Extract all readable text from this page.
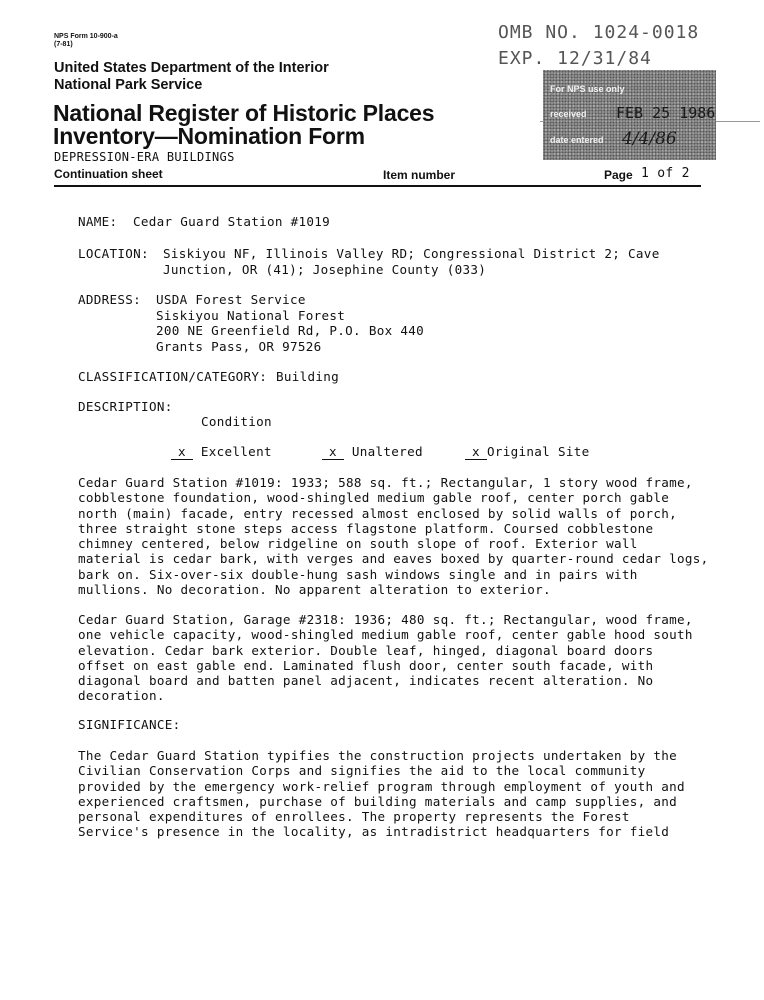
NPS Form 10-900-a
(7-81)
United States Department of the Interior
National Park Service
National Register of Historic Places
Inventory—Nomination Form
DEPRESSION-ERA BUILDINGS
Continuation sheet	Item number	Page 1 of 2
OMB NO. 1024-0018
EXP. 12/31/84
For NPS use only
received FEB 25 1986
date entered 4/4/86
NAME: Cedar Guard Station #1019
LOCATION: Siskiyou NF, Illinois Valley RD; Congressional District 2; Cave
Junction, OR (41); Josephine County (033)
ADDRESS: USDA Forest Service
Siskiyou National Forest
200 NE Greenfield Rd, P.O. Box 440
Grants Pass, OR 97526
CLASSIFICATION/CATEGORY: Building
DESCRIPTION:
Condition
x Excellent	x Unaltered	x Original Site
Cedar Guard Station #1019: 1933; 588 sq. ft.; Rectangular, 1 story wood frame,
cobblestone foundation, wood-shingled medium gable roof, center porch gable
north (main) facade, entry recessed almost enclosed by solid walls of porch,
three straight stone steps access flagstone platform. Coursed cobblestone
chimney centered, below ridgeline on south slope of roof. Exterior wall
material is cedar bark, with verges and eaves boxed by quarter-round cedar logs,
bark on. Six-over-six double-hung sash windows single and in pairs with
mullions. No decoration. No apparent alteration to exterior.
Cedar Guard Station, Garage #2318: 1936; 480 sq. ft.; Rectangular, wood frame,
one vehicle capacity, wood-shingled medium gable roof, center gable hood south
elevation. Cedar bark exterior. Double leaf, hinged, diagonal board doors
offset on east gable end. Laminated flush door, center south facade, with
diagonal board and batten panel adjacent, indicates recent alteration. No
decoration.
SIGNIFICANCE:
The Cedar Guard Station typifies the construction projects undertaken by the
Civilian Conservation Corps and signifies the aid to the local community
provided by the emergency work-relief program through employment of youth and
experienced craftsmen, purchase of building materials and camp supplies, and
personal expenditures of enrollees. The property represents the Forest
Service's presence in the locality, as intradistrict headquarters for field
